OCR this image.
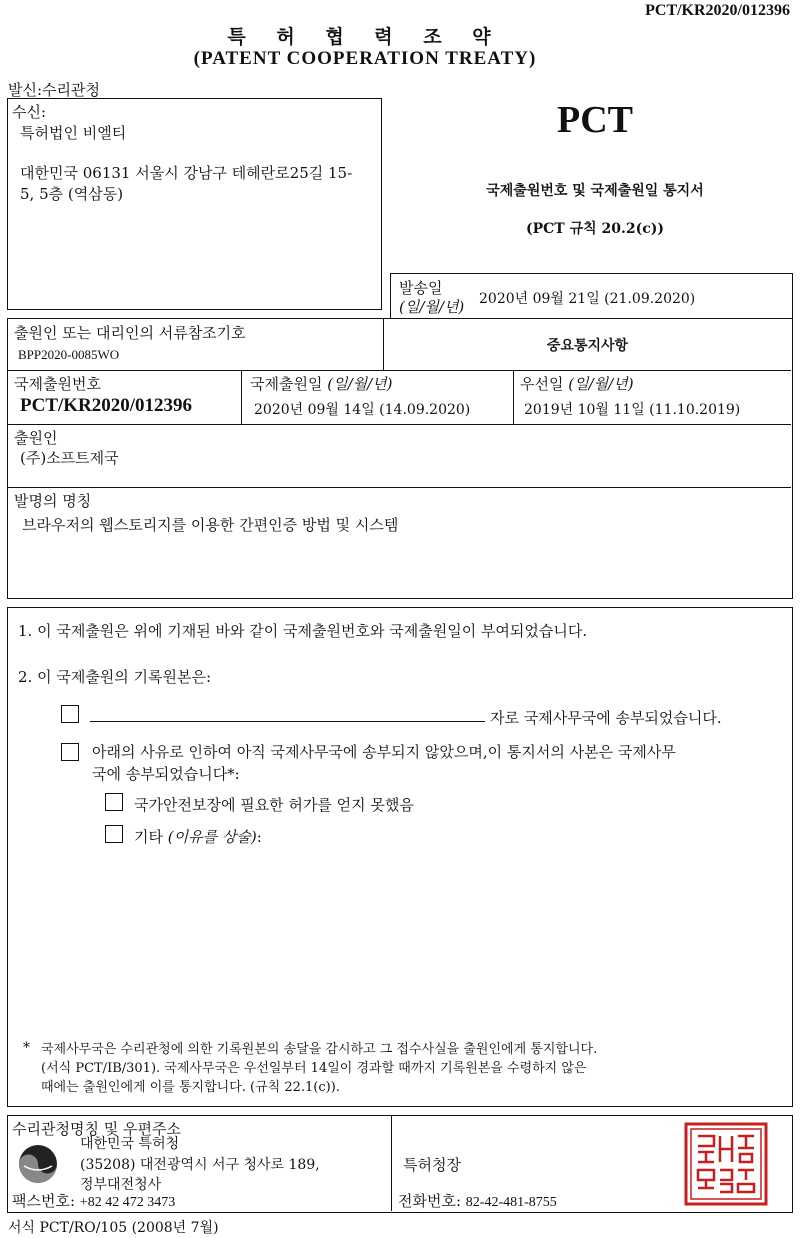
PCT/KR2020/012396
특 허 협 력 조 약
(PATENT COOPERATION TREATY)
발신:수리관청
수신:
특허법인 비엘티
대한민국 06131 서울시 강남구 테헤란로25길 15-
5, 5층 (역삼동)
PCT
국제출원번호 및 국제출원일 통지서
(PCT 규칙 20.2(c))
발송일
(일/월/년) 2020년 09월 21일 (21.09.2020)
출원인 또는 대리인의 서류참조기호
BPP2020-0085WO
중요통지사항
국제출원번호
PCT/KR2020/012396
국제출원일 (일/월/년)
2020년 09월 14일 (14.09.2020)
우선일 (일/월/년)
2019년 10월 11일 (11.10.2019)
출원인
(주)소프트제국
발명의 명칭
브라우저의 웹스토리지를 이용한 간편인증 방법 및 시스템
1. 이 국제출원은 위에 기재된 바와 같이 국제출원번호와 국제출원일이 부여되었습니다.
2. 이 국제출원의 기록원본은:
자로 국제사무국에 송부되었습니다.
아래의 사유로 인하여 아직 국제사무국에 송부되지 않았으며,이 통지서의 사본은 국제사무
국에 송부되었습니다*:
국가안전보장에 필요한 허가를 얻지 못했음
기타 (이유를 상술):
* 국제사무국은 수리관청에 의한 기록원본의 송달을 감시하고 그 접수사실을 출원인에게 통지합니다.
(서식 PCT/IB/301). 국제사무국은 우선일부터 14일이 경과할 때까지 기록원본을 수령하지 않은
때에는 출원인에게 이를 통지합니다. (규칙 22.1(c)).
수리관청명칭 및 우편주소
대한민국 특허청
(35208) 대전광역시 서구 청사로 189,
정부대전청사
팩스번호: +82 42 472 3473
특허청장
전화번호: 82-42-481-8755
서식 PCT/RO/105 (2008년 7월)
